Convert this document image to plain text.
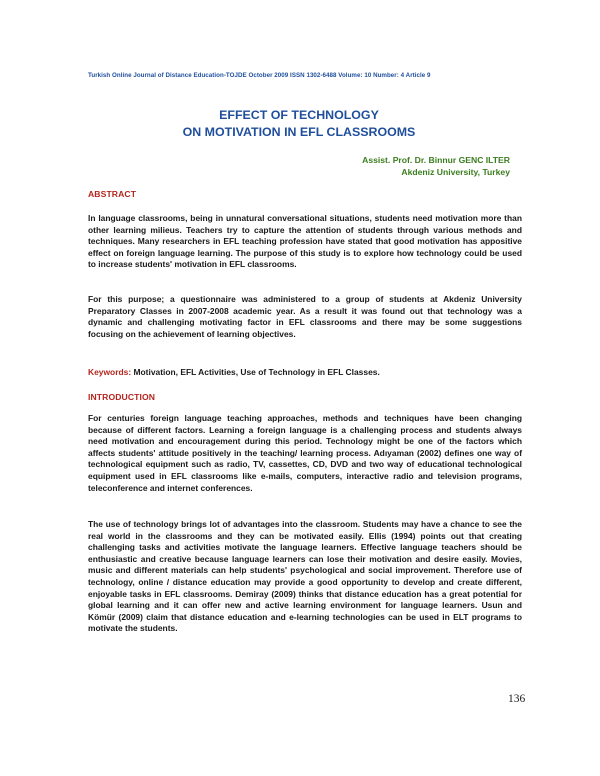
Turkish Online Journal of Distance Education-TOJDE October 2009 ISSN 1302-6488 Volume: 10 Number: 4 Article 9
EFFECT OF TECHNOLOGY
ON MOTIVATION IN EFL CLASSROOMS
Assist. Prof. Dr. Binnur GENC ILTER
Akdeniz University, Turkey
ABSTRACT
In language classrooms, being in unnatural conversational situations, students need motivation more than other learning milieus. Teachers try to capture the attention of students through various methods and techniques. Many researchers in EFL teaching profession have stated that good motivation has appositive effect on foreign language learning. The purpose of this study is to explore how technology could be used to increase students' motivation in EFL classrooms.
For this purpose; a questionnaire was administered to a group of students at Akdeniz University Preparatory Classes in 2007-2008 academic year. As a result it was found out that technology was a dynamic and challenging motivating factor in EFL classrooms and there may be some suggestions focusing on the achievement of learning objectives.
Keywords: Motivation, EFL Activities, Use of Technology in EFL Classes.
INTRODUCTION
For centuries foreign language teaching approaches, methods and techniques have been changing because of different factors. Learning a foreign language is a challenging process and students always need motivation and encouragement during this period. Technology might be one of the factors which affects students' attitude positively in the teaching/ learning process. Adıyaman (2002) defines one way of technological equipment such as radio, TV, cassettes, CD, DVD and two way of educational technological equipment used in EFL classrooms like e-mails, computers, interactive radio and television programs, teleconference and internet conferences.
The use of technology brings lot of advantages into the classroom. Students may have a chance to see the real world in the classrooms and they can be motivated easily. Ellis (1994) points out that creating challenging tasks and activities motivate the language learners. Effective language teachers should be enthusiastic and creative because language learners can lose their motivation and desire easily. Movies, music and different materials can help students' psychological and social improvement. Therefore use of technology, online / distance education may provide a good opportunity to develop and create different, enjoyable tasks in EFL classrooms. Demiray (2009) thinks that distance education has a great potential for global learning and it can offer new and active learning environment for language learners. Usun and Kömür (2009) claim that distance education and e-learning technologies can be used in ELT programs to motivate the students.
136
